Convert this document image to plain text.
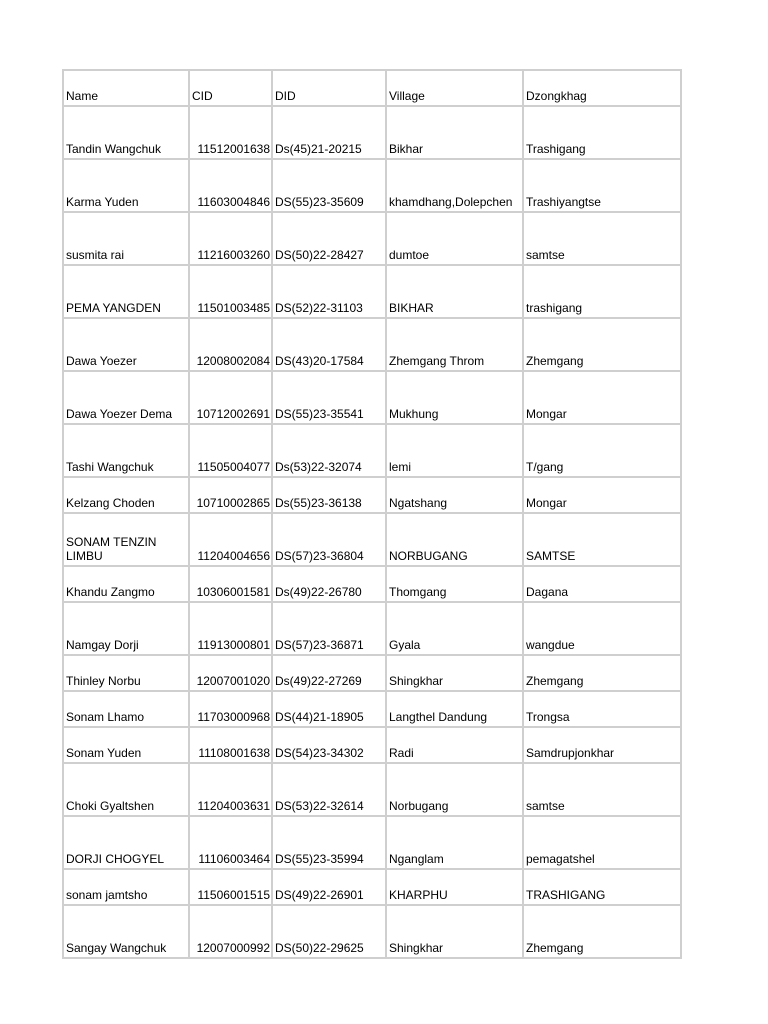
Name	CID	DID	Village	Dzongkhag
Tandin Wangchuk	11512001638	Ds(45)21-20215	Bikhar	Trashigang
Karma Yuden	11603004846	DS(55)23-35609	khamdhang,Dolepchen	Trashiyangtse
susmita rai	11216003260	DS(50)22-28427	dumtoe	samtse
PEMA YANGDEN	11501003485	DS(52)22-31103	BIKHAR	trashigang
Dawa Yoezer	12008002084	DS(43)20-17584	Zhemgang Throm	Zhemgang
Dawa Yoezer Dema	10712002691	DS(55)23-35541	Mukhung	Mongar
Tashi Wangchuk	11505004077	Ds(53)22-32074	lemi	T/gang
Kelzang Choden	10710002865	Ds(55)23-36138	Ngatshang	Mongar
SONAM TENZIN LIMBU	11204004656	DS(57)23-36804	NORBUGANG	SAMTSE
Khandu Zangmo	10306001581	Ds(49)22-26780	Thomgang	Dagana
Namgay Dorji	11913000801	DS(57)23-36871	Gyala	wangdue
Thinley Norbu	12007001020	Ds(49)22-27269	Shingkhar	Zhemgang
Sonam Lhamo	11703000968	DS(44)21-18905	Langthel Dandung	Trongsa
Sonam Yuden	11108001638	DS(54)23-34302	Radi	Samdrupjonkhar
Choki Gyaltshen	11204003631	DS(53)22-32614	Norbugang	samtse
DORJI CHOGYEL	11106003464	DS(55)23-35994	Nganglam	pemagatshel
sonam jamtsho	11506001515	DS(49)22-26901	KHARPHU	TRASHIGANG
Sangay Wangchuk	12007000992	DS(50)22-29625	Shingkhar	Zhemgang
